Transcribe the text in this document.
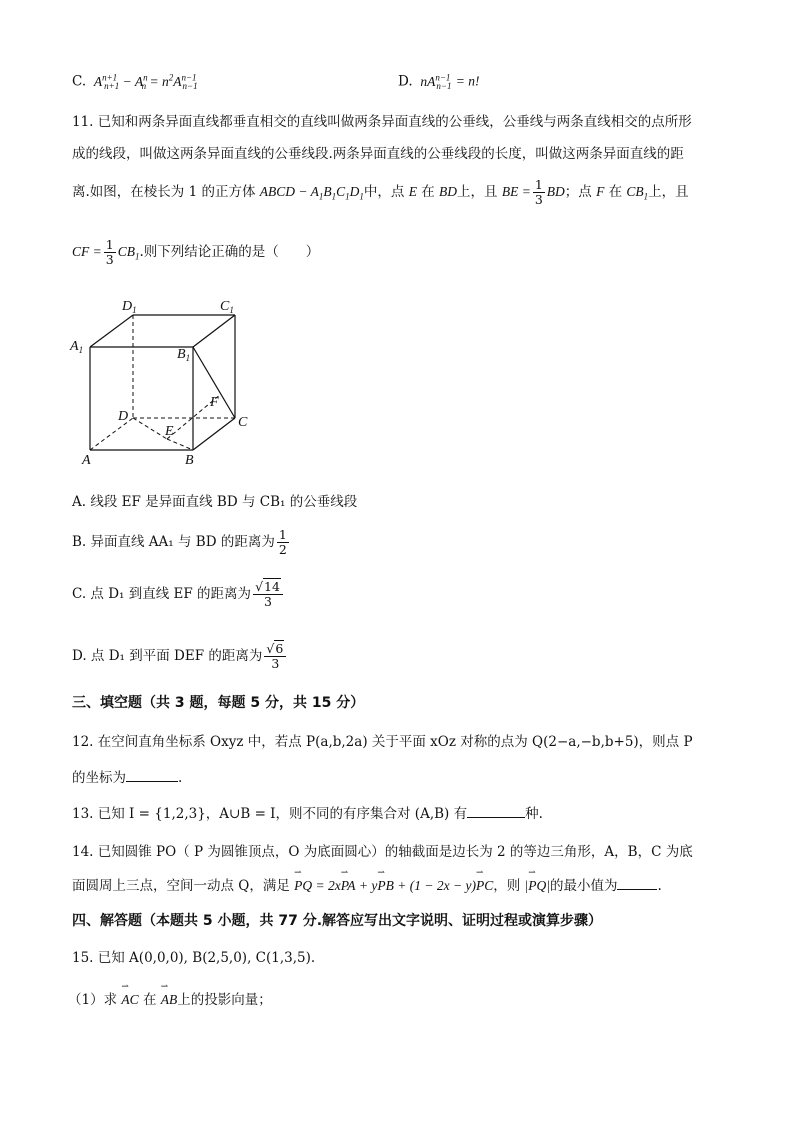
C.  $A^{n+1}_{n+1} - A^n_n = n^2A^{n-1}_{n-1}$	D.  $nA^{n-1}_{n-1} = n$!
11. 已知和两条异面直线都垂直相交的直线叫做两条异面直线的公垂线，公垂线与两条直线相交的点所形
成的线段，叫做这两条异面直线的公垂线段.两条异面直线的公垂线段的长度，叫做这两条异面直线的距
离.如图，在棱长为 1 的正方体 ABCD − $A_1B_1C_1D_1$中，点 E 在 BD上，且 BE = $\frac{1}{3}$ BD；点 F 在 $CB_1$上，且
CF = $\frac{1}{3} CB_1$.则下列结论正确的是（　　）
$D_1$	$C_1$
$A_1$	$B_1$
D
F
C
E
A	B
A. 线段 EF 是异面直线 BD 与 CB₁ 的公垂线段
B. 异面直线 AA₁ 与 BD 的距离为 $\frac{1}{2}$
C. 点 D₁ 到直线 EF 的距离为 $\frac{√14}{3}$
D. 点 D₁ 到平面 DEF 的距离为 $\frac{√6}{3}$
三、填空题（共 3 题，每题 5 分，共 15 分）
12. 在空间直角坐标系 Oxyz 中，若点 P(a,b,2a) 关于平面 xOz 对称的点为 Q(2−a,−b,b+5)，则点 P
的坐标为	.
13. 已知 I = {1,2,3}，A∪B = I，则不同的有序集合对 (A,B) 有	种.
14. 已知圆锥 PO（ P 为圆锥顶点，O 为底面圆心）的轴截面是边长为 2 的等边三角形，A，B，C 为底
面圆周上三点，空间一动点 Q，满足 ⇀ PQ = 2x⇀ PA + y⇀ PB + (1 − 2x − y)⇀ PC，则 |⇀ PQ|的最小值为	.
四、解答题（本题共 5 小题，共 77 分.解答应写出文字说明、证明过程或演算步骤）
15. 已知 A(0,0,0), B(2,5,0), C(1,3,5).
（1）求 ⇀ AC 在 ⇀ AB上的投影向量；
